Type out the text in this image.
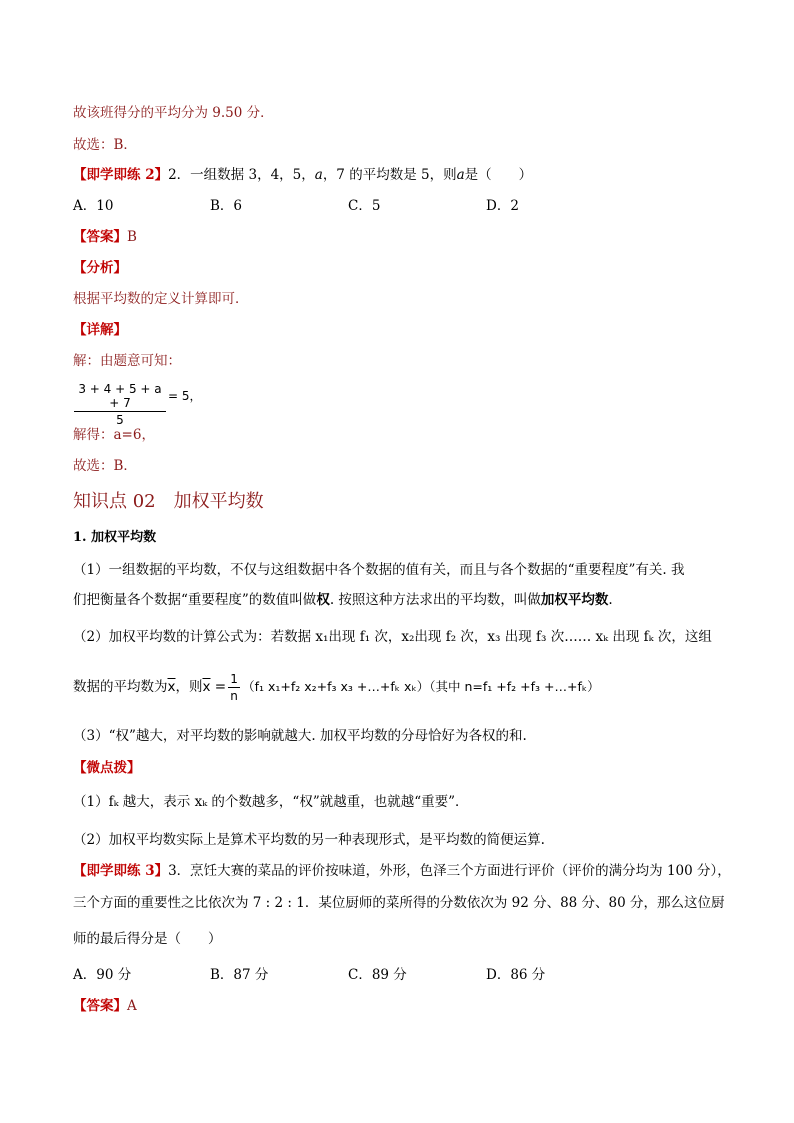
故该班得分的平均分为 9.50 分．
故选：B．
【即学即练 2】2．一组数据 3，4，5，a，7 的平均数是 5，则a是（　　）
A．10	B．6	C．5	D．2
【答案】B
【分析】
根据平均数的定义计算即可．
【详解】
解：由题意可知：
3 + 4 + 5 + a + 7
5
= 5，
解得：a=6，
故选：B．
知识点 02　加权平均数
1. 加权平均数
（1）一组数据的平均数，不仅与这组数据中各个数据的值有关，而且与各个数据的“重要程度”有关. 我
们把衡量各个数据“重要程度”的数值叫做权. 按照这种方法求出的平均数，叫做加权平均数.
（2）加权平均数的计算公式为：若数据 x₁出现 f₁ 次，x₂出现 f₂ 次，x₃ 出现 f₃ 次…… xₖ 出现 fₖ 次，这组
数据的平均数为$\overline{x}$，则$\overline{x} = \frac{1}{n} (f_1$ x₁+f₂ x₂+f₃ x₃ +…+fₖ xₖ）（其中 n=f₁ +f₂ +f₃ +…+fₖ）
（3）“权”越大，对平均数的影响就越大. 加权平均数的分母恰好为各权的和.
【微点拨】
（1）fₖ 越大，表示 xₖ 的个数越多，“权”就越重，也就越“重要”．
（2）加权平均数实际上是算术平均数的另一种表现形式，是平均数的简便运算.
【即学即练 3】3．烹饪大赛的菜品的评价按味道，外形，色泽三个方面进行评价（评价的满分均为 100 分），
三个方面的重要性之比依次为 7 : 2 : 1．某位厨师的菜所得的分数依次为 92 分、88 分、80 分，那么这位厨
师的最后得分是（　　）
A．90 分	B．87 分	C．89 分	D．86 分
【答案】A
